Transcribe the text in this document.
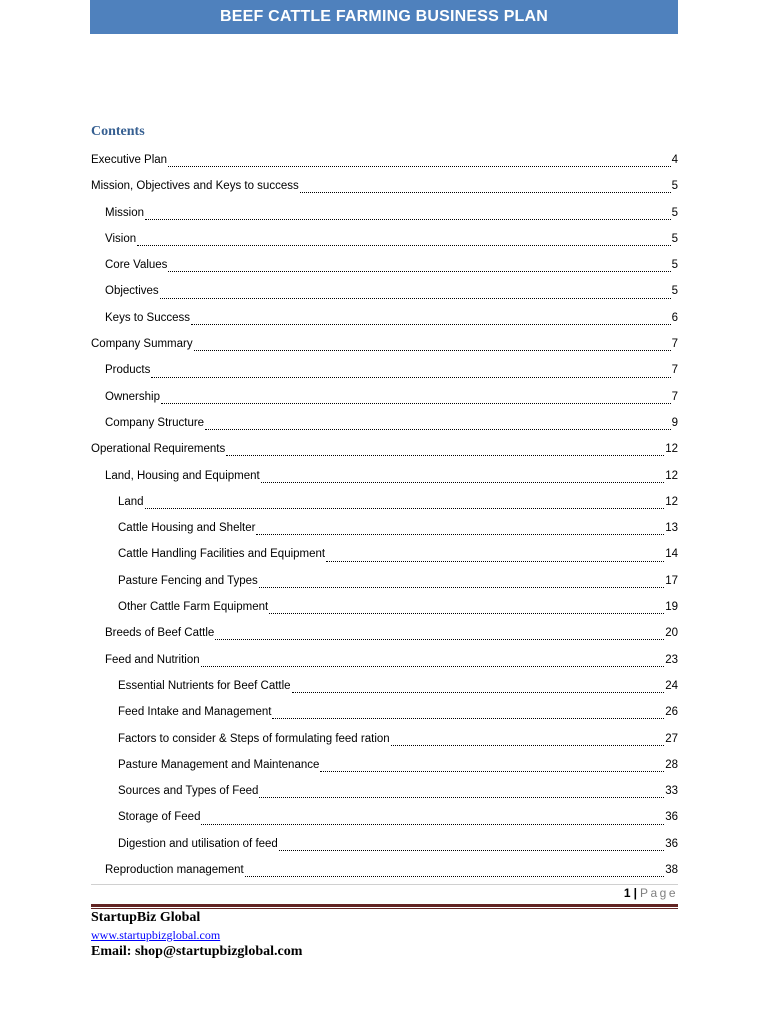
BEEF CATTLE FARMING BUSINESS PLAN
Contents
Executive Plan	4
Mission, Objectives and Keys to success	5
Mission	5
Vision	5
Core Values	5
Objectives	5
Keys to Success	6
Company Summary	7
Products	7
Ownership	7
Company Structure	9
Operational Requirements	12
Land, Housing and Equipment	12
Land	12
Cattle Housing and Shelter	13
Cattle Handling Facilities and Equipment	14
Pasture Fencing and Types	17
Other Cattle Farm Equipment	19
Breeds of Beef Cattle	20
Feed and Nutrition	23
Essential Nutrients for Beef Cattle	24
Feed Intake and Management	26
Factors to consider & Steps of formulating feed ration	27
Pasture Management and Maintenance	28
Sources and Types of Feed	33
Storage of Feed	36
Digestion and utilisation of feed	36
Reproduction management	38
1 | Page
StartupBiz Global
www.startupbizglobal.com
Email: shop@startupbizglobal.com
